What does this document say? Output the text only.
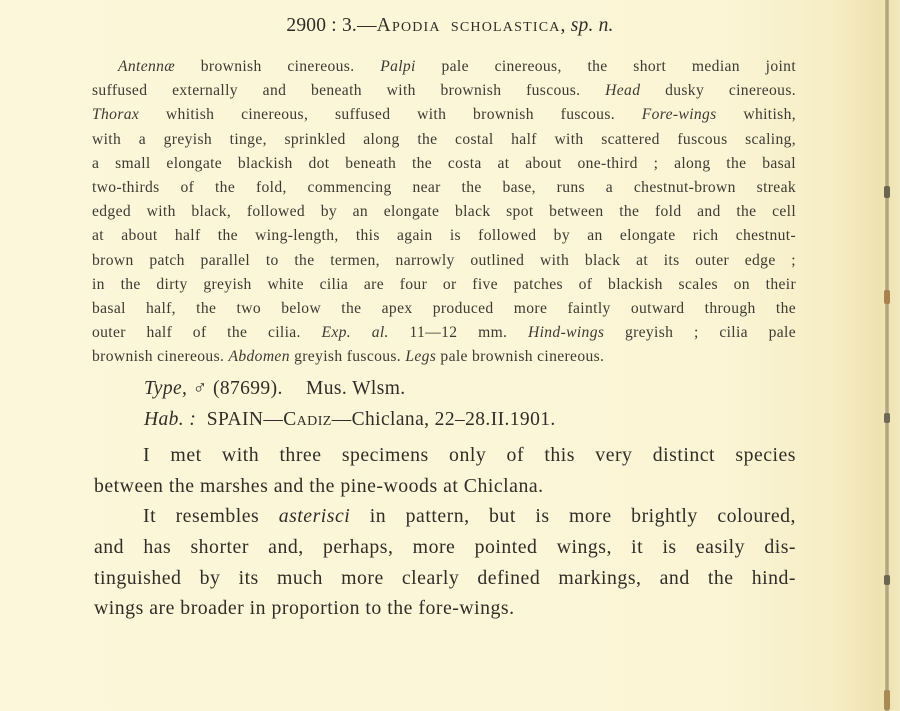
2900 : 3.—Apodia scholastica, sp. n.
Antennæ brownish cinereous. Palpi pale cinereous, the short median joint
suffused externally and beneath with brownish fuscous. Head dusky cinereous.
Thorax whitish cinereous, suffused with brownish fuscous. Fore-wings whitish,
with a greyish tinge, sprinkled along the costal half with scattered fuscous scaling,
a small elongate blackish dot beneath the costa at about one-third ; along the basal
two-thirds of the fold, commencing near the base, runs a chestnut-brown streak
edged with black, followed by an elongate black spot between the fold and the cell
at about half the wing-length, this again is followed by an elongate rich chestnut-
brown patch parallel to the termen, narrowly outlined with black at its outer edge ;
in the dirty greyish white cilia are four or five patches of blackish scales on their
basal half, the two below the apex produced more faintly outward through the
outer half of the cilia. Exp. al. 11—12 mm. Hind-wings greyish ; cilia pale
brownish cinereous. Abdomen greyish fuscous. Legs pale brownish cinereous.
Type, ♂ (87699). Mus. Wlsm.
Hab. : SPAIN—Cadiz—Chiclana, 22–28.II.1901.
I met with three specimens only of this very distinct species
between the marshes and the pine-woods at Chiclana.
It resembles asterisci in pattern, but is more brightly coloured,
and has shorter and, perhaps, more pointed wings, it is easily dis-
tinguished by its much more clearly defined markings, and the hind-
wings are broader in proportion to the fore-wings.
